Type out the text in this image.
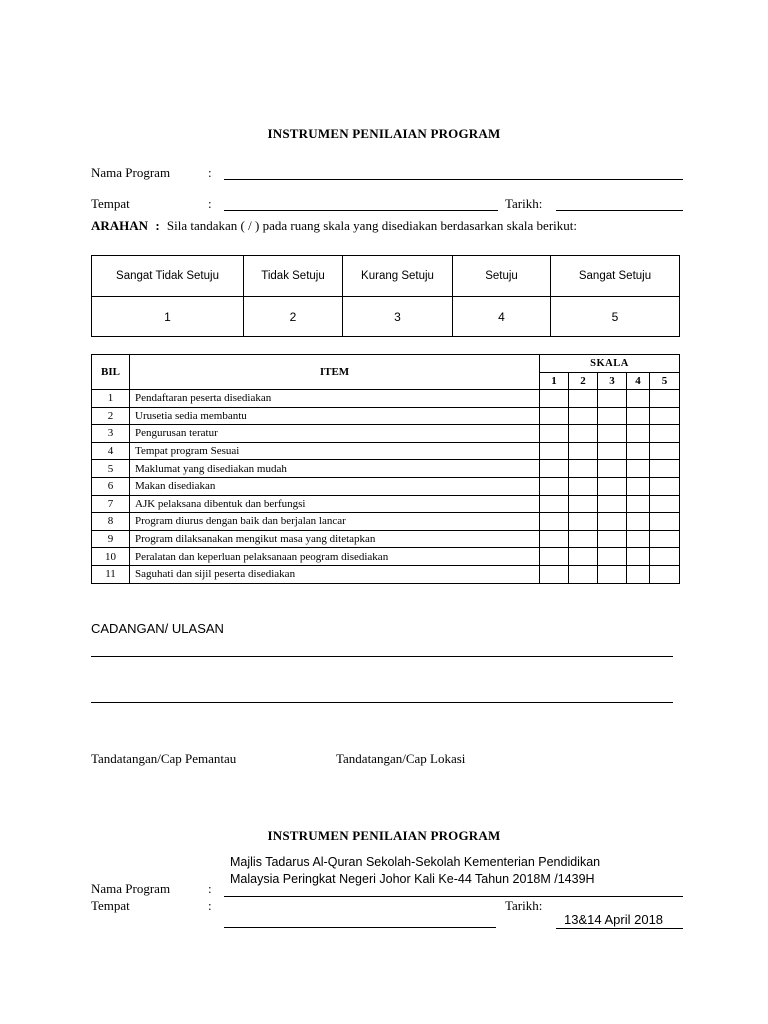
INSTRUMEN PENILAIAN PROGRAM
Nama Program	:
Tempat	:	Tarikh:
ARAHAN : Sila tandakan ( / ) pada ruang skala yang disediakan berdasarkan skala berikut:
Sangat Tidak Setuju	Tidak Setuju	Kurang Setuju	Setuju	Sangat Setuju
1	2	3	4	5
BIL	ITEM	SKALA				
		1	2	3	4	5
1	Pendaftaran peserta disediakan					
2	Urusetia sedia membantu					
3	Pengurusan teratur					
4	Tempat program Sesuai					
5	Maklumat yang disediakan mudah					
6	Makan disediakan					
7	AJK pelaksana dibentuk dan berfungsi					
8	Program diurus dengan baik dan berjalan lancar					
9	Program dilaksanakan mengikut masa yang ditetapkan					
10	Peralatan dan keperluan pelaksanaan peogram disediakan					
11	Saguhati dan sijil peserta disediakan					
CADANGAN/ ULASAN
Tandatangan/Cap Pemantau	Tandatangan/Cap Lokasi
INSTRUMEN PENILAIAN PROGRAM
Majlis Tadarus Al-Quran Sekolah-Sekolah Kementerian Pendidikan
Malaysia Peringkat Negeri Johor Kali Ke-44 Tahun 2018M /1439H
Nama Program	:
Tempat	:	Tarikh:
13&14 April 2018
